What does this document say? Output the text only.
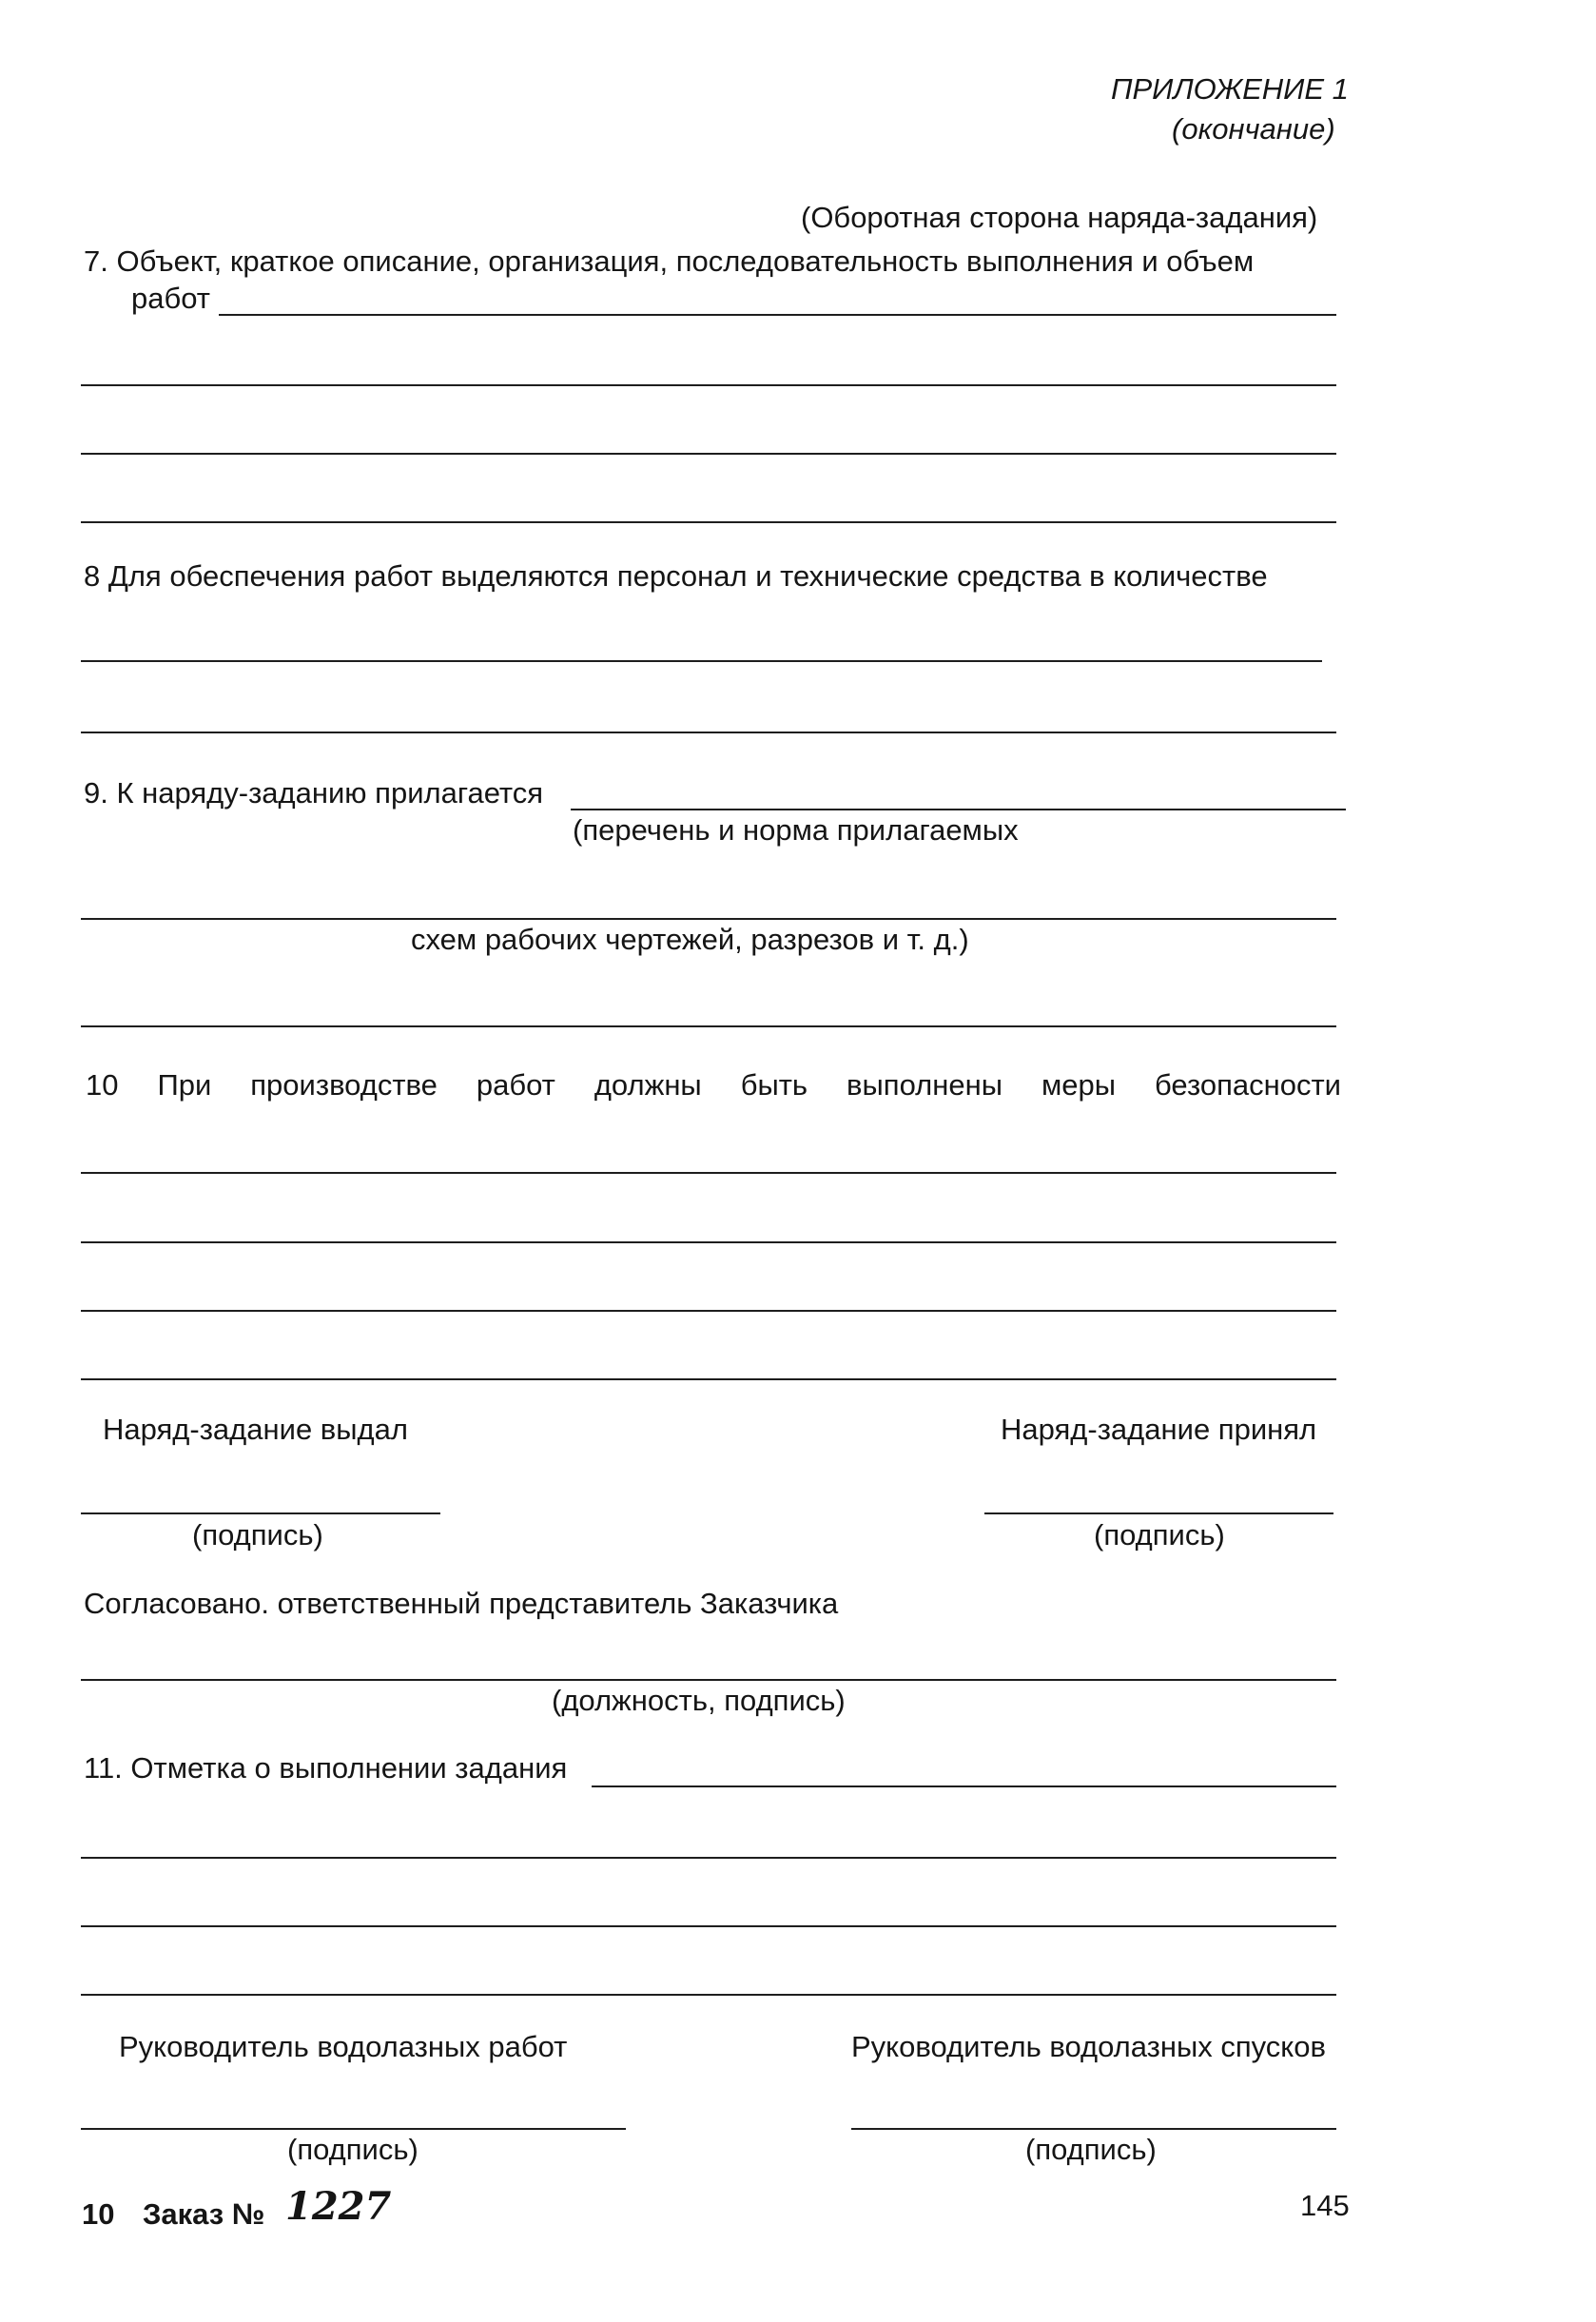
ПРИЛОЖЕНИЕ 1
(окончание)
(Оборотная сторона наряда-задания)
7. Объект, краткое описание, организация, последовательность выполнения и объем
работ
8 Для обеспечения работ выделяются персонал и технические средства в количестве
9. К наряду-заданию прилагается
(перечень и норма прилагаемых
схем рабочих чертежей, разрезов и т. д.)
10 При производстве работ должны быть выполнены меры безопасности
Наряд-задание выдал	Наряд-задание принял
(подпись)	(подпись)
Согласовано. ответственный представитель Заказчика
(должность, подпись)
11. Отметка о выполнении задания
Руководитель водолазных работ	Руководитель водолазных спусков
(подпись)	(подпись)
10 Заказ № 1227	145
